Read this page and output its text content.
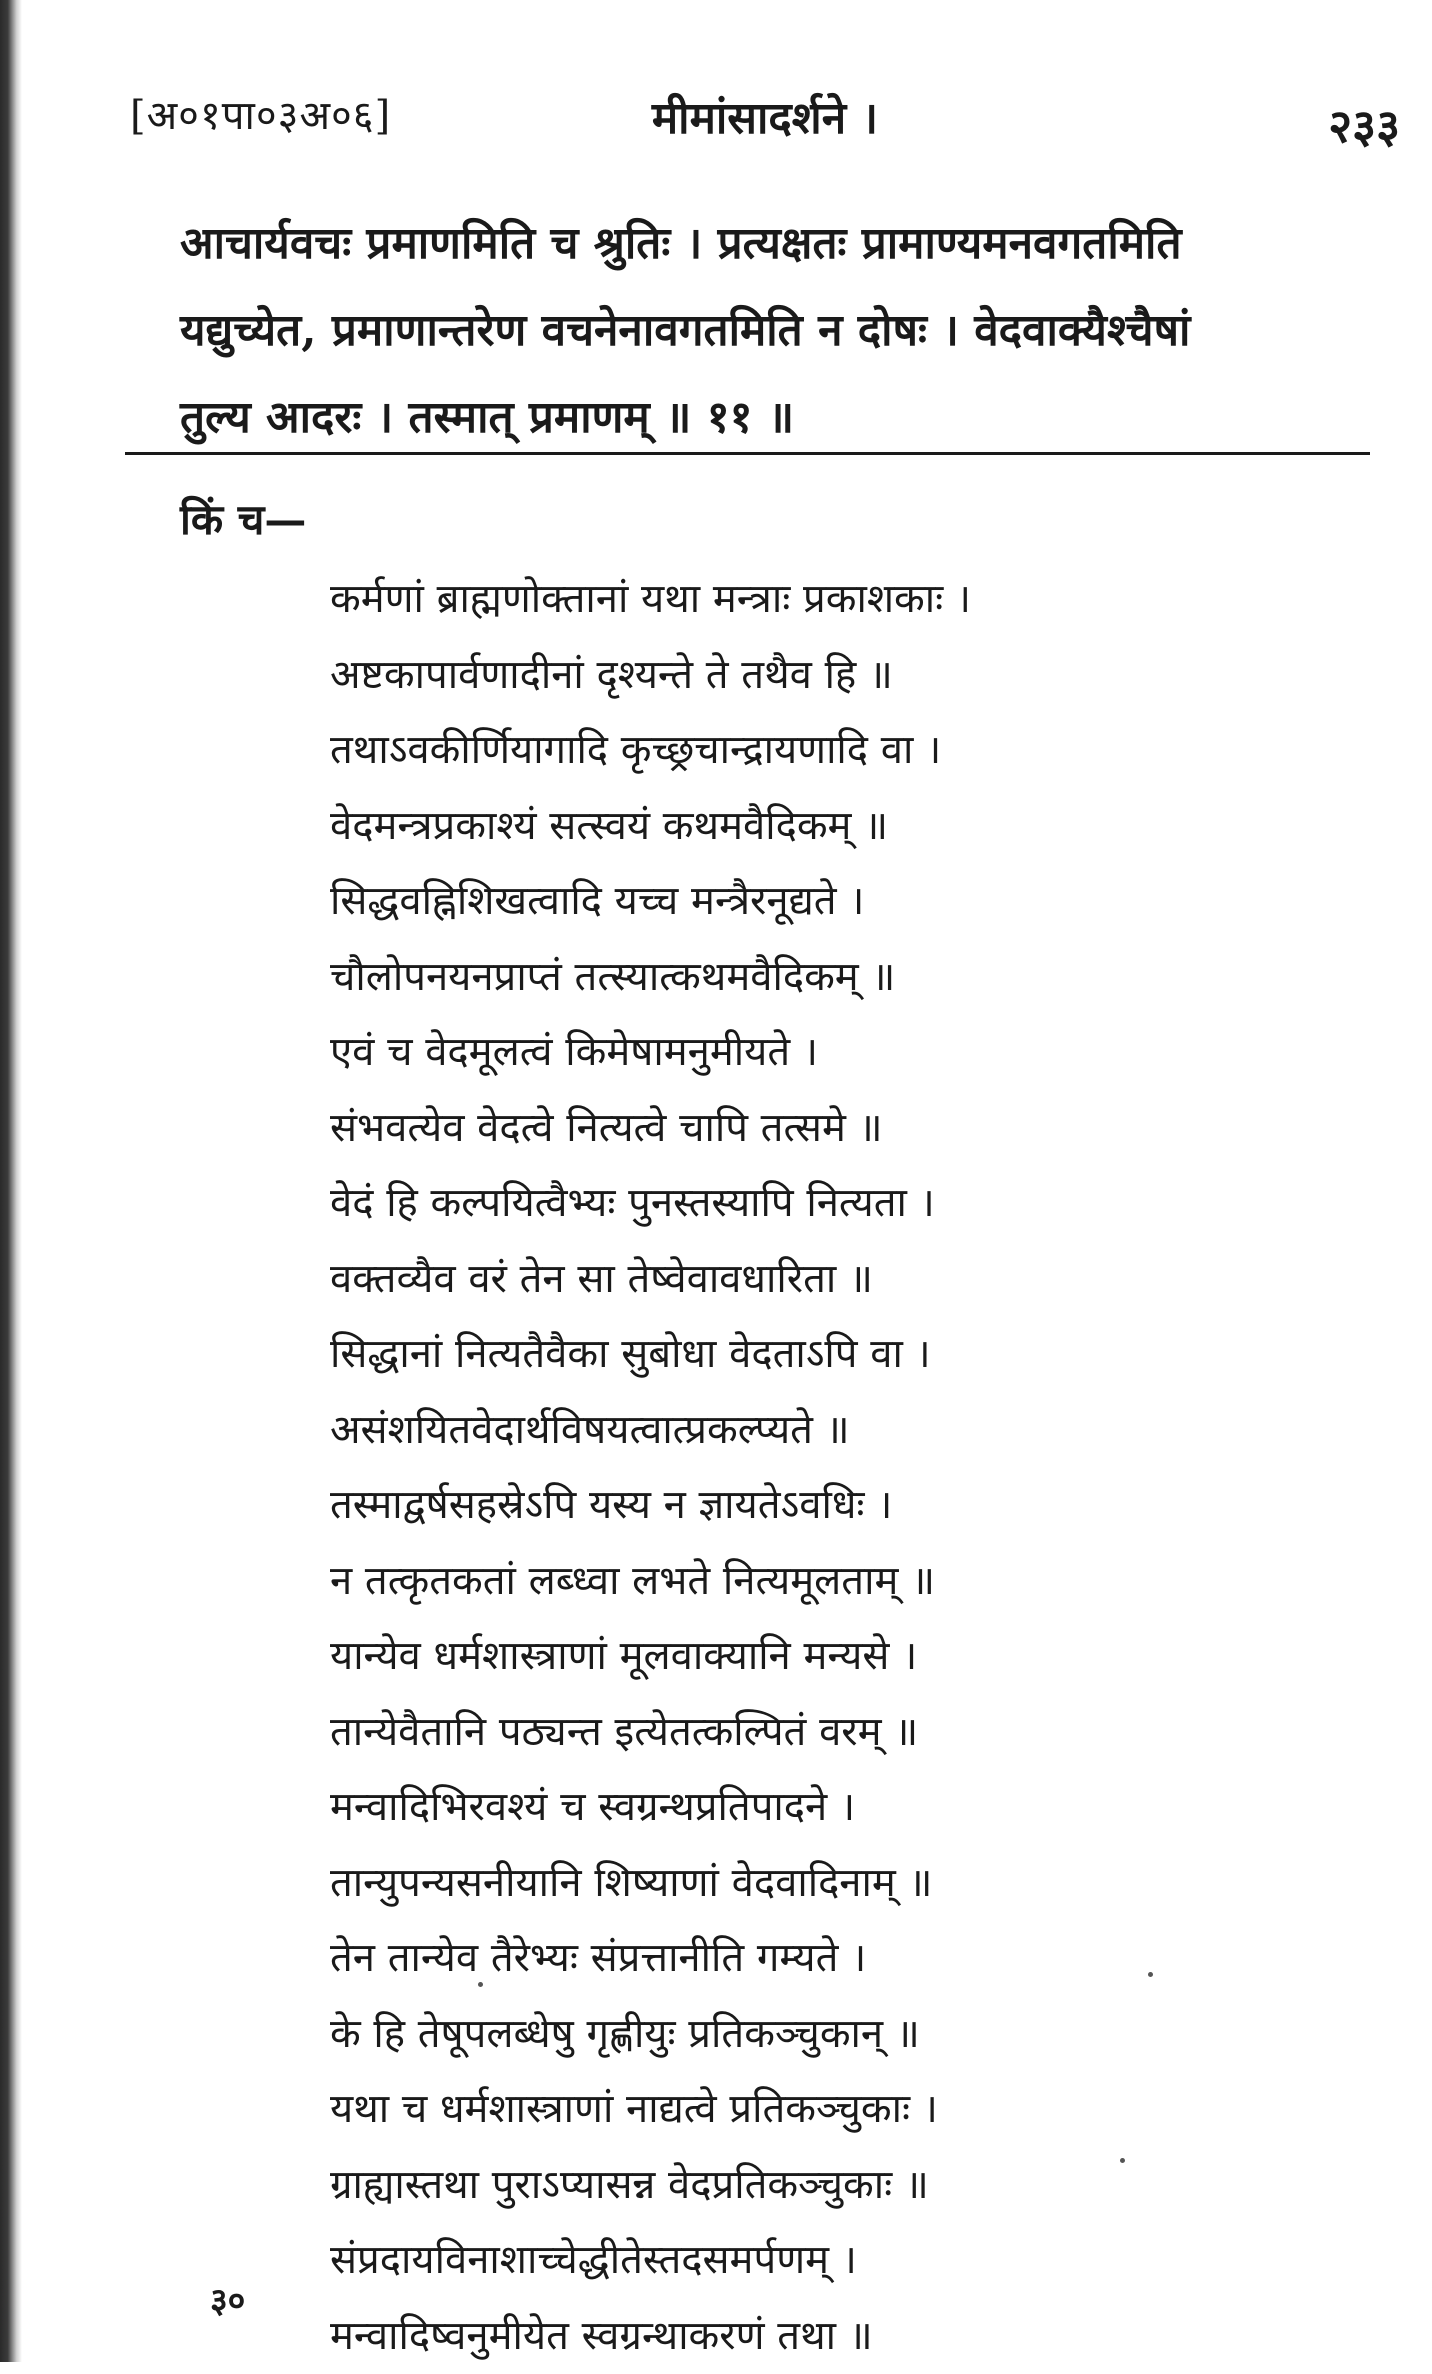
[अ०१पा०३अ०६]	मीमांसादर्शने ।	२३३
आचार्यवचः प्रमाणमिति च श्रुतिः । प्रत्यक्षतः प्रामाण्यमनवगतमिति
यद्युच्येत, प्रमाणान्तरेण वचनेनावगतमिति न दोषः । वेदवाक्यैश्चैषां
तुल्य आदरः । तस्मात् प्रमाणम् ॥ ११ ॥
किं च—
कर्मणां ब्राह्मणोक्तानां यथा मन्त्राः प्रकाशकाः ।
अष्टकापार्वणादीनां दृश्यन्ते ते तथैव हि ॥
तथाऽवकीर्णियागादि कृच्छ्रचान्द्रायणादि वा ।
वेदमन्त्रप्रकाश्यं सत्स्वयं कथमवैदिकम् ॥
सिद्धवह्निशिखत्वादि यच्च मन्त्रैरनूद्यते ।
चौलोपनयनप्राप्तं तत्स्यात्कथमवैदिकम् ॥
एवं च वेदमूलत्वं किमेषामनुमीयते ।
संभवत्येव वेदत्वे नित्यत्वे चापि तत्समे ॥
वेदं हि कल्पयित्वैभ्यः पुनस्तस्यापि नित्यता ।
वक्तव्यैव वरं तेन सा तेष्वेवावधारिता ॥
सिद्धानां नित्यतैवैका सुबोधा वेदताऽपि वा ।
असंशयितवेदार्थविषयत्वात्प्रकल्प्यते ॥
तस्माद्वर्षसहस्रेऽपि यस्य न ज्ञायतेऽवधिः ।
न तत्कृतकतां लब्ध्वा लभते नित्यमूलताम् ॥
यान्येव धर्मशास्त्राणां मूलवाक्यानि मन्यसे ।
तान्येवैतानि पठ्यन्त इत्येतत्कल्पितं वरम् ॥
मन्वादिभिरवश्यं च स्वग्रन्थप्रतिपादने ।
तान्युपन्यसनीयानि शिष्याणां वेदवादिनाम् ॥
तेन तान्येव तैरेभ्यः संप्रत्तानीति गम्यते ।
के हि तेषूपलब्धेषु गृह्णीयुः प्रतिकञ्चुकान् ॥
यथा च धर्मशास्त्राणां नाद्यत्वे प्रतिकञ्चुकाः ।
ग्राह्यास्तथा पुराऽप्यासन्न वेदप्रतिकञ्चुकाः ॥
संप्रदायविनाशाच्चेद्धीतेस्तदसमर्पणम् ।
मन्वादिष्वनुमीयेत स्वग्रन्थाकरणं तथा ॥
३०
